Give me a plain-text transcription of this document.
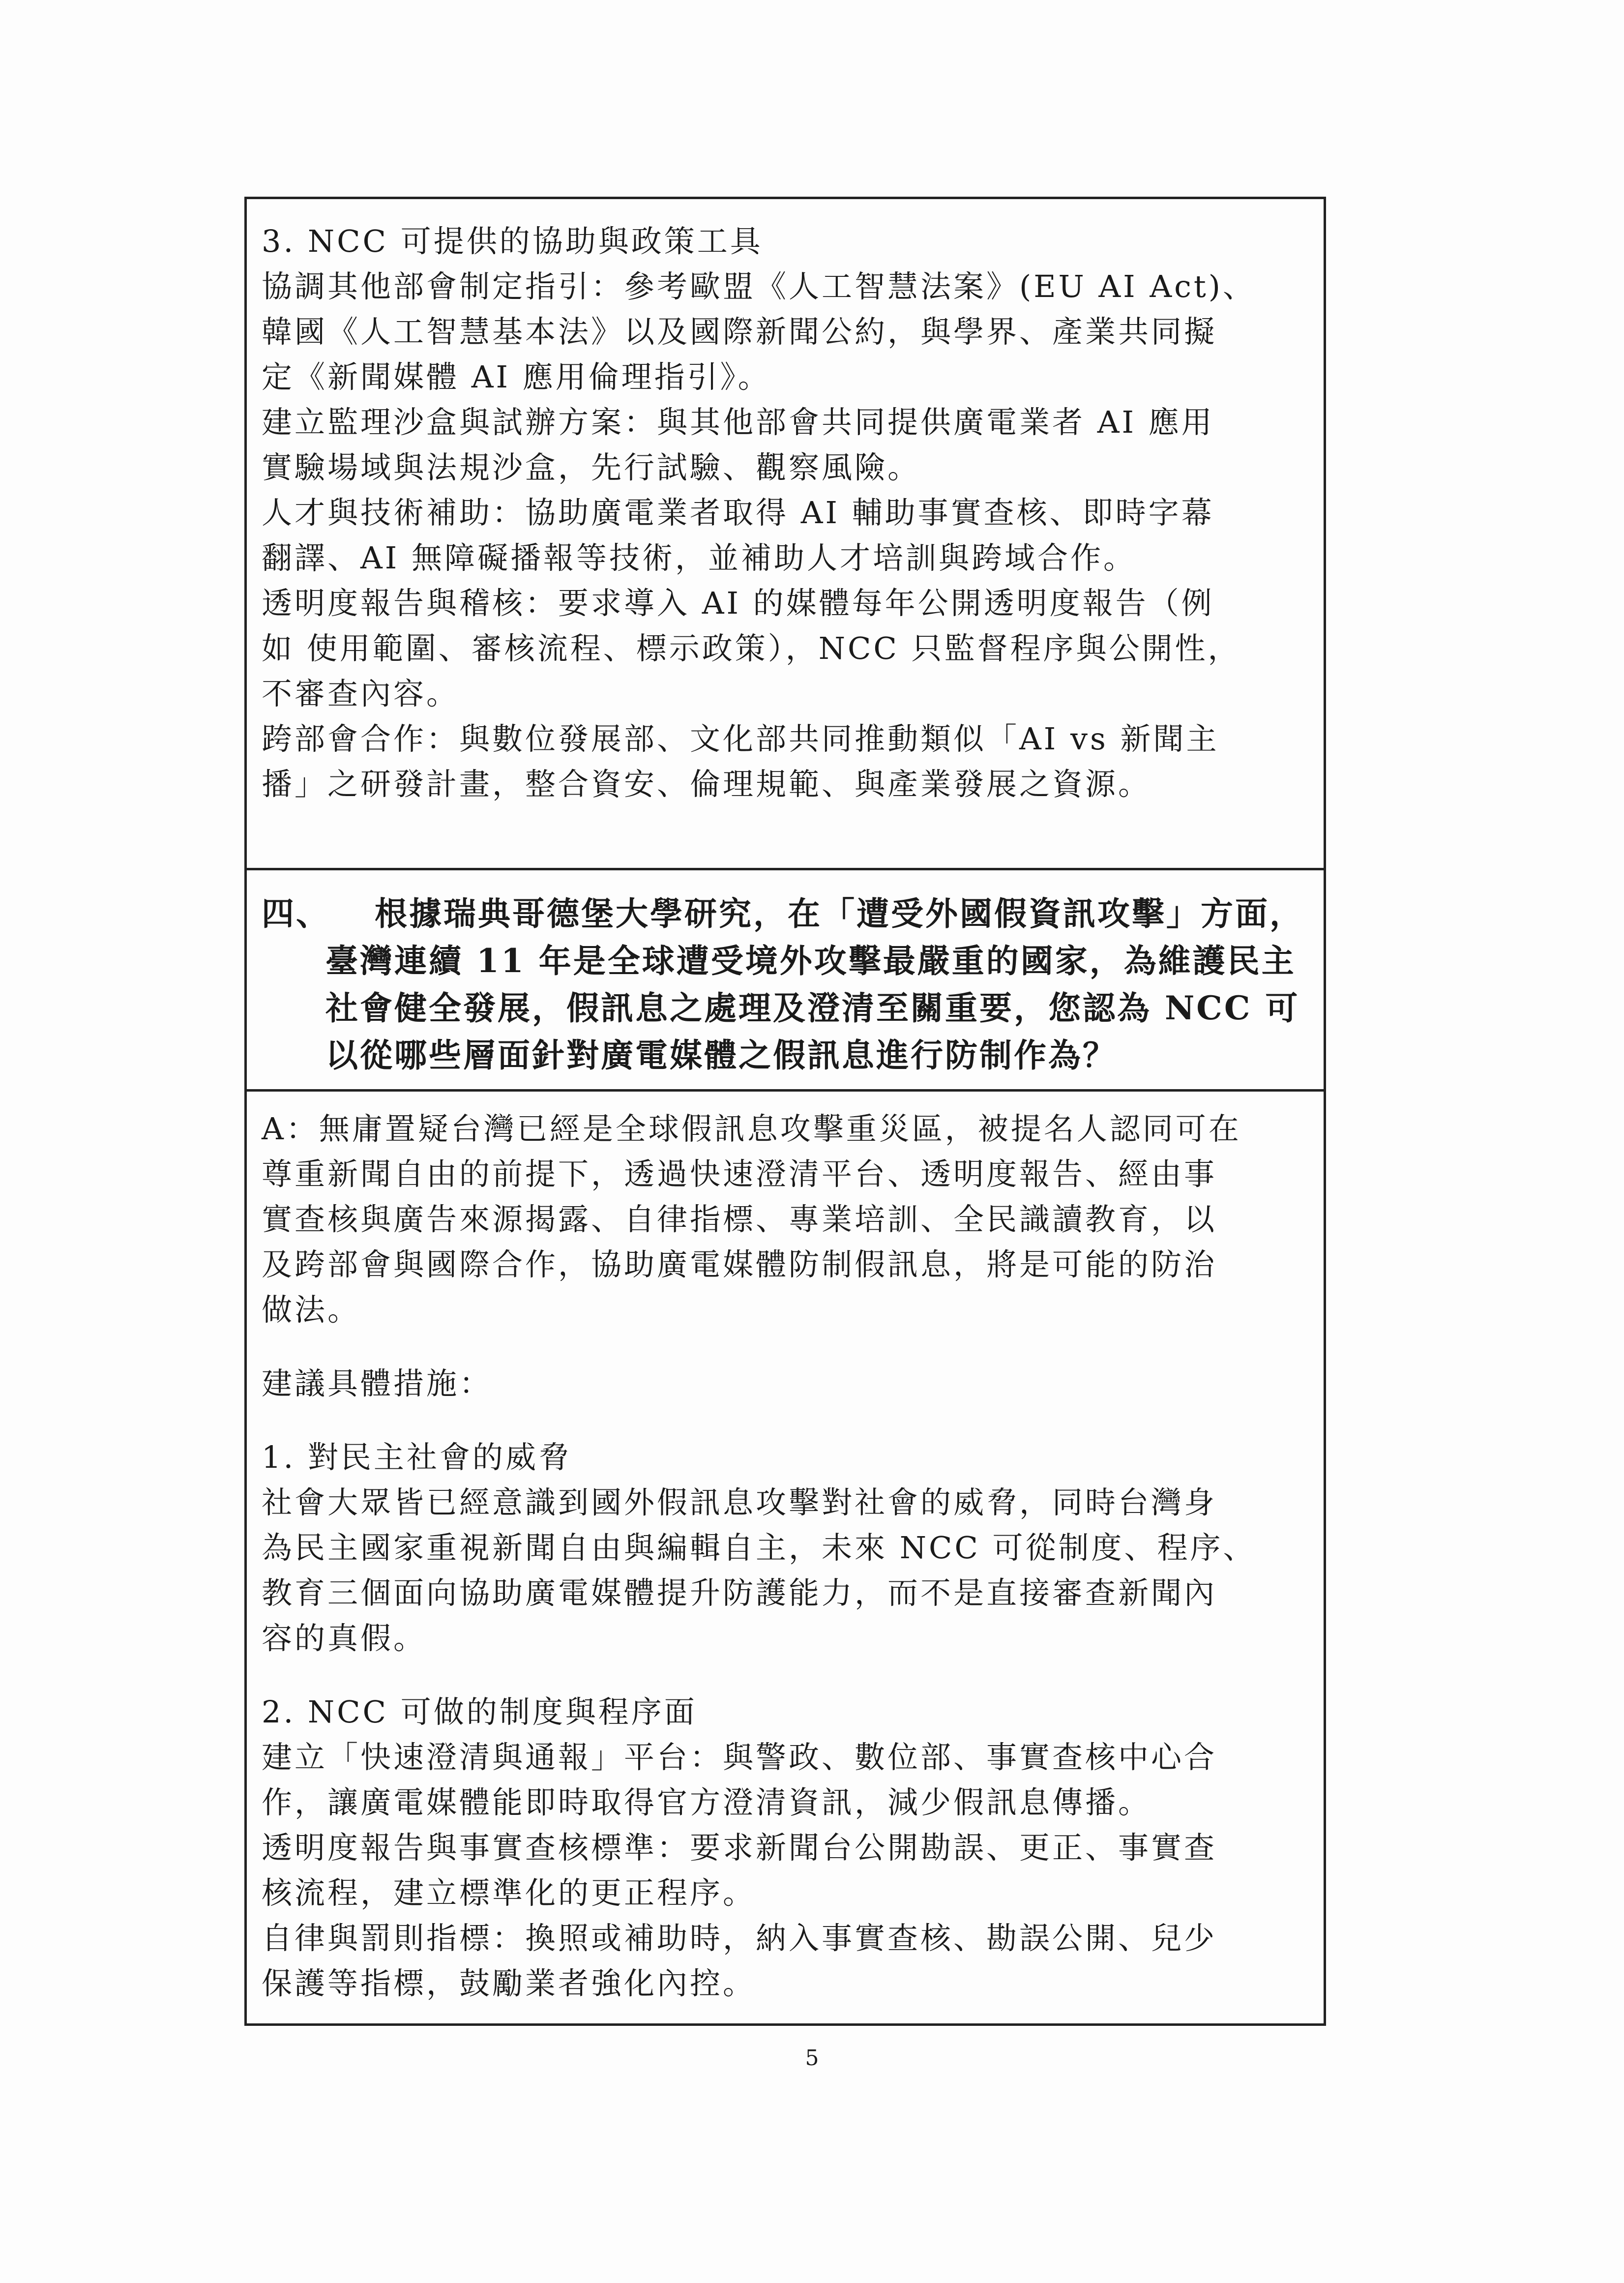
3. NCC 可提供的協助與政策工具

協調其他部會制定指引：參考歐盟《人工智慧法案》(EU AI Act)、

韓國《人工智慧基本法》以及國際新聞公約，與學界、產業共同擬

定《新聞媒體 AI 應用倫理指引》。

建立監理沙盒與試辦方案：與其他部會共同提供廣電業者 AI 應用

實驗場域與法規沙盒，先行試驗、觀察風險。

人才與技術補助：協助廣電業者取得 AI 輔助事實查核、即時字幕

翻譯、AI 無障礙播報等技術，並補助人才培訓與跨域合作。

透明度報告與稽核：要求導入 AI 的媒體每年公開透明度報告（例

如 使用範圍、審核流程、標示政策），NCC 只監督程序與公開性，

不審查內容。

跨部會合作：與數位發展部、文化部共同推動類似「AI vs 新聞主

播」之研發計畫，整合資安、倫理規範、與產業發展之資源。

四、	根據瑞典哥德堡大學研究，在「遭受外國假資訊攻擊」方面，

臺灣連續 11 年是全球遭受境外攻擊最嚴重的國家，為維護民主

社會健全發展，假訊息之處理及澄清至關重要，您認為 NCC 可

以從哪些層面針對廣電媒體之假訊息進行防制作為？

A：無庸置疑台灣已經是全球假訊息攻擊重災區，被提名人認同可在

尊重新聞自由的前提下，透過快速澄清平台、透明度報告、經由事

實查核與廣告來源揭露、自律指標、專業培訓、全民識讀教育，以

及跨部會與國際合作，協助廣電媒體防制假訊息，將是可能的防治

做法。

建議具體措施：

1. 對民主社會的威脅

社會大眾皆已經意識到國外假訊息攻擊對社會的威脅，同時台灣身

為民主國家重視新聞自由與編輯自主，未來 NCC 可從制度、程序、

教育三個面向協助廣電媒體提升防護能力，而不是直接審查新聞內

容的真假。

2. NCC 可做的制度與程序面

建立「快速澄清與通報」平台：與警政、數位部、事實查核中心合

作，讓廣電媒體能即時取得官方澄清資訊，減少假訊息傳播。

透明度報告與事實查核標準：要求新聞台公開勘誤、更正、事實查

核流程，建立標準化的更正程序。

自律與罰則指標：換照或補助時，納入事實查核、勘誤公開、兒少

保護等指標，鼓勵業者強化內控。

5
